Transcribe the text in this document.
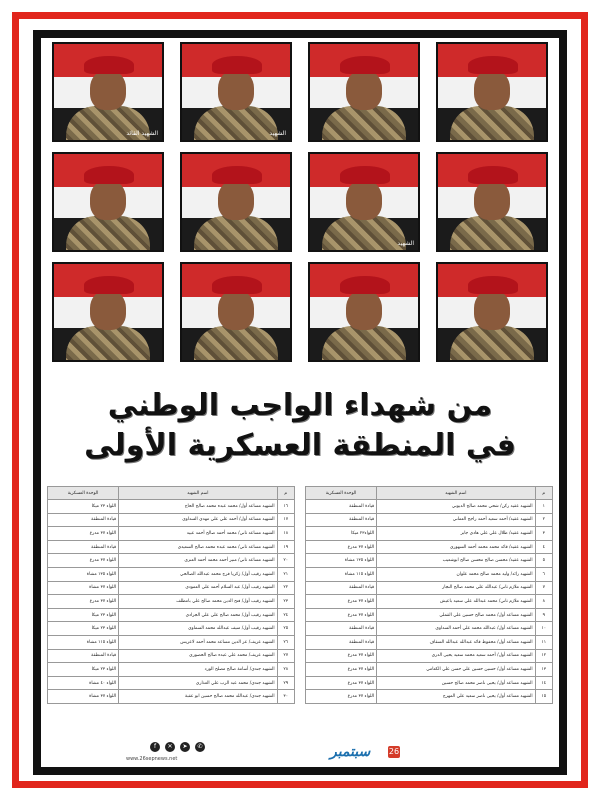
الشهيد
الشهيد القائد
الشهيد
من شهداء الواجب الوطني
في المنطقة العسكرية الأولى
م	اسم الشهيد	الوحدة العسكرية
١	الشهيد عقيد ركن/ شحي محمد صالح الديوني	قيادة المنطقة
٢	الشهيد عقيد/ أحمد سعيد أحمد راجح العماني	قيادة المنطقة
٣	الشهيد عقيد/ طلال علي علي هادي جابر	اللواء٢٣ ميكا
٤	الشهيد عقيد/ قائد محمد محمد أحمد السهوري	اللواء ٣٧ مدرع
٥	الشهيد عقيد/ محسن صالح محسن صالح ابوشعيب	اللواء ١٣٥ مشاة
٦	الشهيد رائد/ وليد محمد صالح محمد علوان	اللواء ١١٥ مشاة
٧	الشهيد ملازم ثاني/ عبدالله علي محمد صالح النجار	قيادة المنطقة
٨	الشهيد ملازم ثاني/ محمد عبدالله علي سعيد باعيش	اللواء ٣٧ مدرع
٩	الشهيد مساعد أول/ محمد صالح حسين علي القملي	اللواء ٣٧ مدرع
١٠	الشهيد مساعد أول/ عبدالله محمد علي أحمد السداوي	قيادة المنطقة
١١	الشهيد مساعد أول/ محفوظ قائد عبدالله عبدالله السقاف	قيادة المنطقة
١٢	الشهيد مساعد أول/ أحمد سعيد محمد سعيد يحيى الدري	اللواء ٣٧ مدرع
١٣	الشهيد مساعد أول/ حسين حسين علي حسن علي الكعامي	اللواء ٣٧ مدرع
١٤	الشهيد مساعد أول/ يحيى ناصر محمد صالح حسين	اللواء ٣٧ مدرع
١٥	الشهيد مساعد أول/ يحيى ناصر سعيد علي المهرج	اللواء ٣٧ مدرع
م	اسم الشهيد	الوحدة العسكرية
١٦	الشهيد مساعد أول/ محمد عبده محمد صالح الحاج	اللواء ٢٣ ميكا
١٧	الشهيد مساعد أول/ أحمد علي علي مهدي السداوي	قيادة المنطقة
١٨	الشهيد مساعد ثاني/ محمد أحمد صالح أحمد عبيد	اللواء ٣٧ مدرع
١٩	الشهيد مساعد ثاني/ محمد عبده محمد صالح السعيدي	قيادة المنطقة
٢٠	الشهيد مساعد ثاني/ منير أحمد محمد أحمد العنزي	اللواء ٣٧ مدرع
٢١	الشهيد رقيب أول/ زكريا فرج محمد عبدالله الصالحي	اللواء ١٣٥ مشاة
٢٢	الشهيد رقيب أول/ عبد السلام أحمد علي العمودي	اللواء ٣٧ مشاة
٢٣	الشهيد رقيب أول/ فتح الدين محمد صالح علي بامطلف	اللواء ٣٧ مدرع
٢٤	الشهيد رقيب أول/ محمد صالح علي علي الجرادي	اللواء ٢٣ ميكا
٢٥	الشهيد رقيب أول/ منيف عبدالله محمد السماوي	اللواء ٢٣ ميكا
٢٦	الشهيد عريف/ عز الدين مساعد محمد أحمد لاعريس	اللواء ١١٥ مشاة
٢٧	الشهيد عريف/ محمد علي عبده صالح الحصوري	قيادة المنطقة
٢٨	الشهيد جندي/ أسامة صالح مصلح الورد	اللواء ٢٣ ميكا
٢٩	الشهيد جندي/ محمد عبد الرب علي العذاري	اللواء ٤٠ مشاة
٣٠	الشهيد جندي/ عبدالله محمد صالح حسين ابو عقبة	اللواء ٣٧ مشاة
f	✕	➤	✆
www.26sepnews.net	سبتمبر 26
